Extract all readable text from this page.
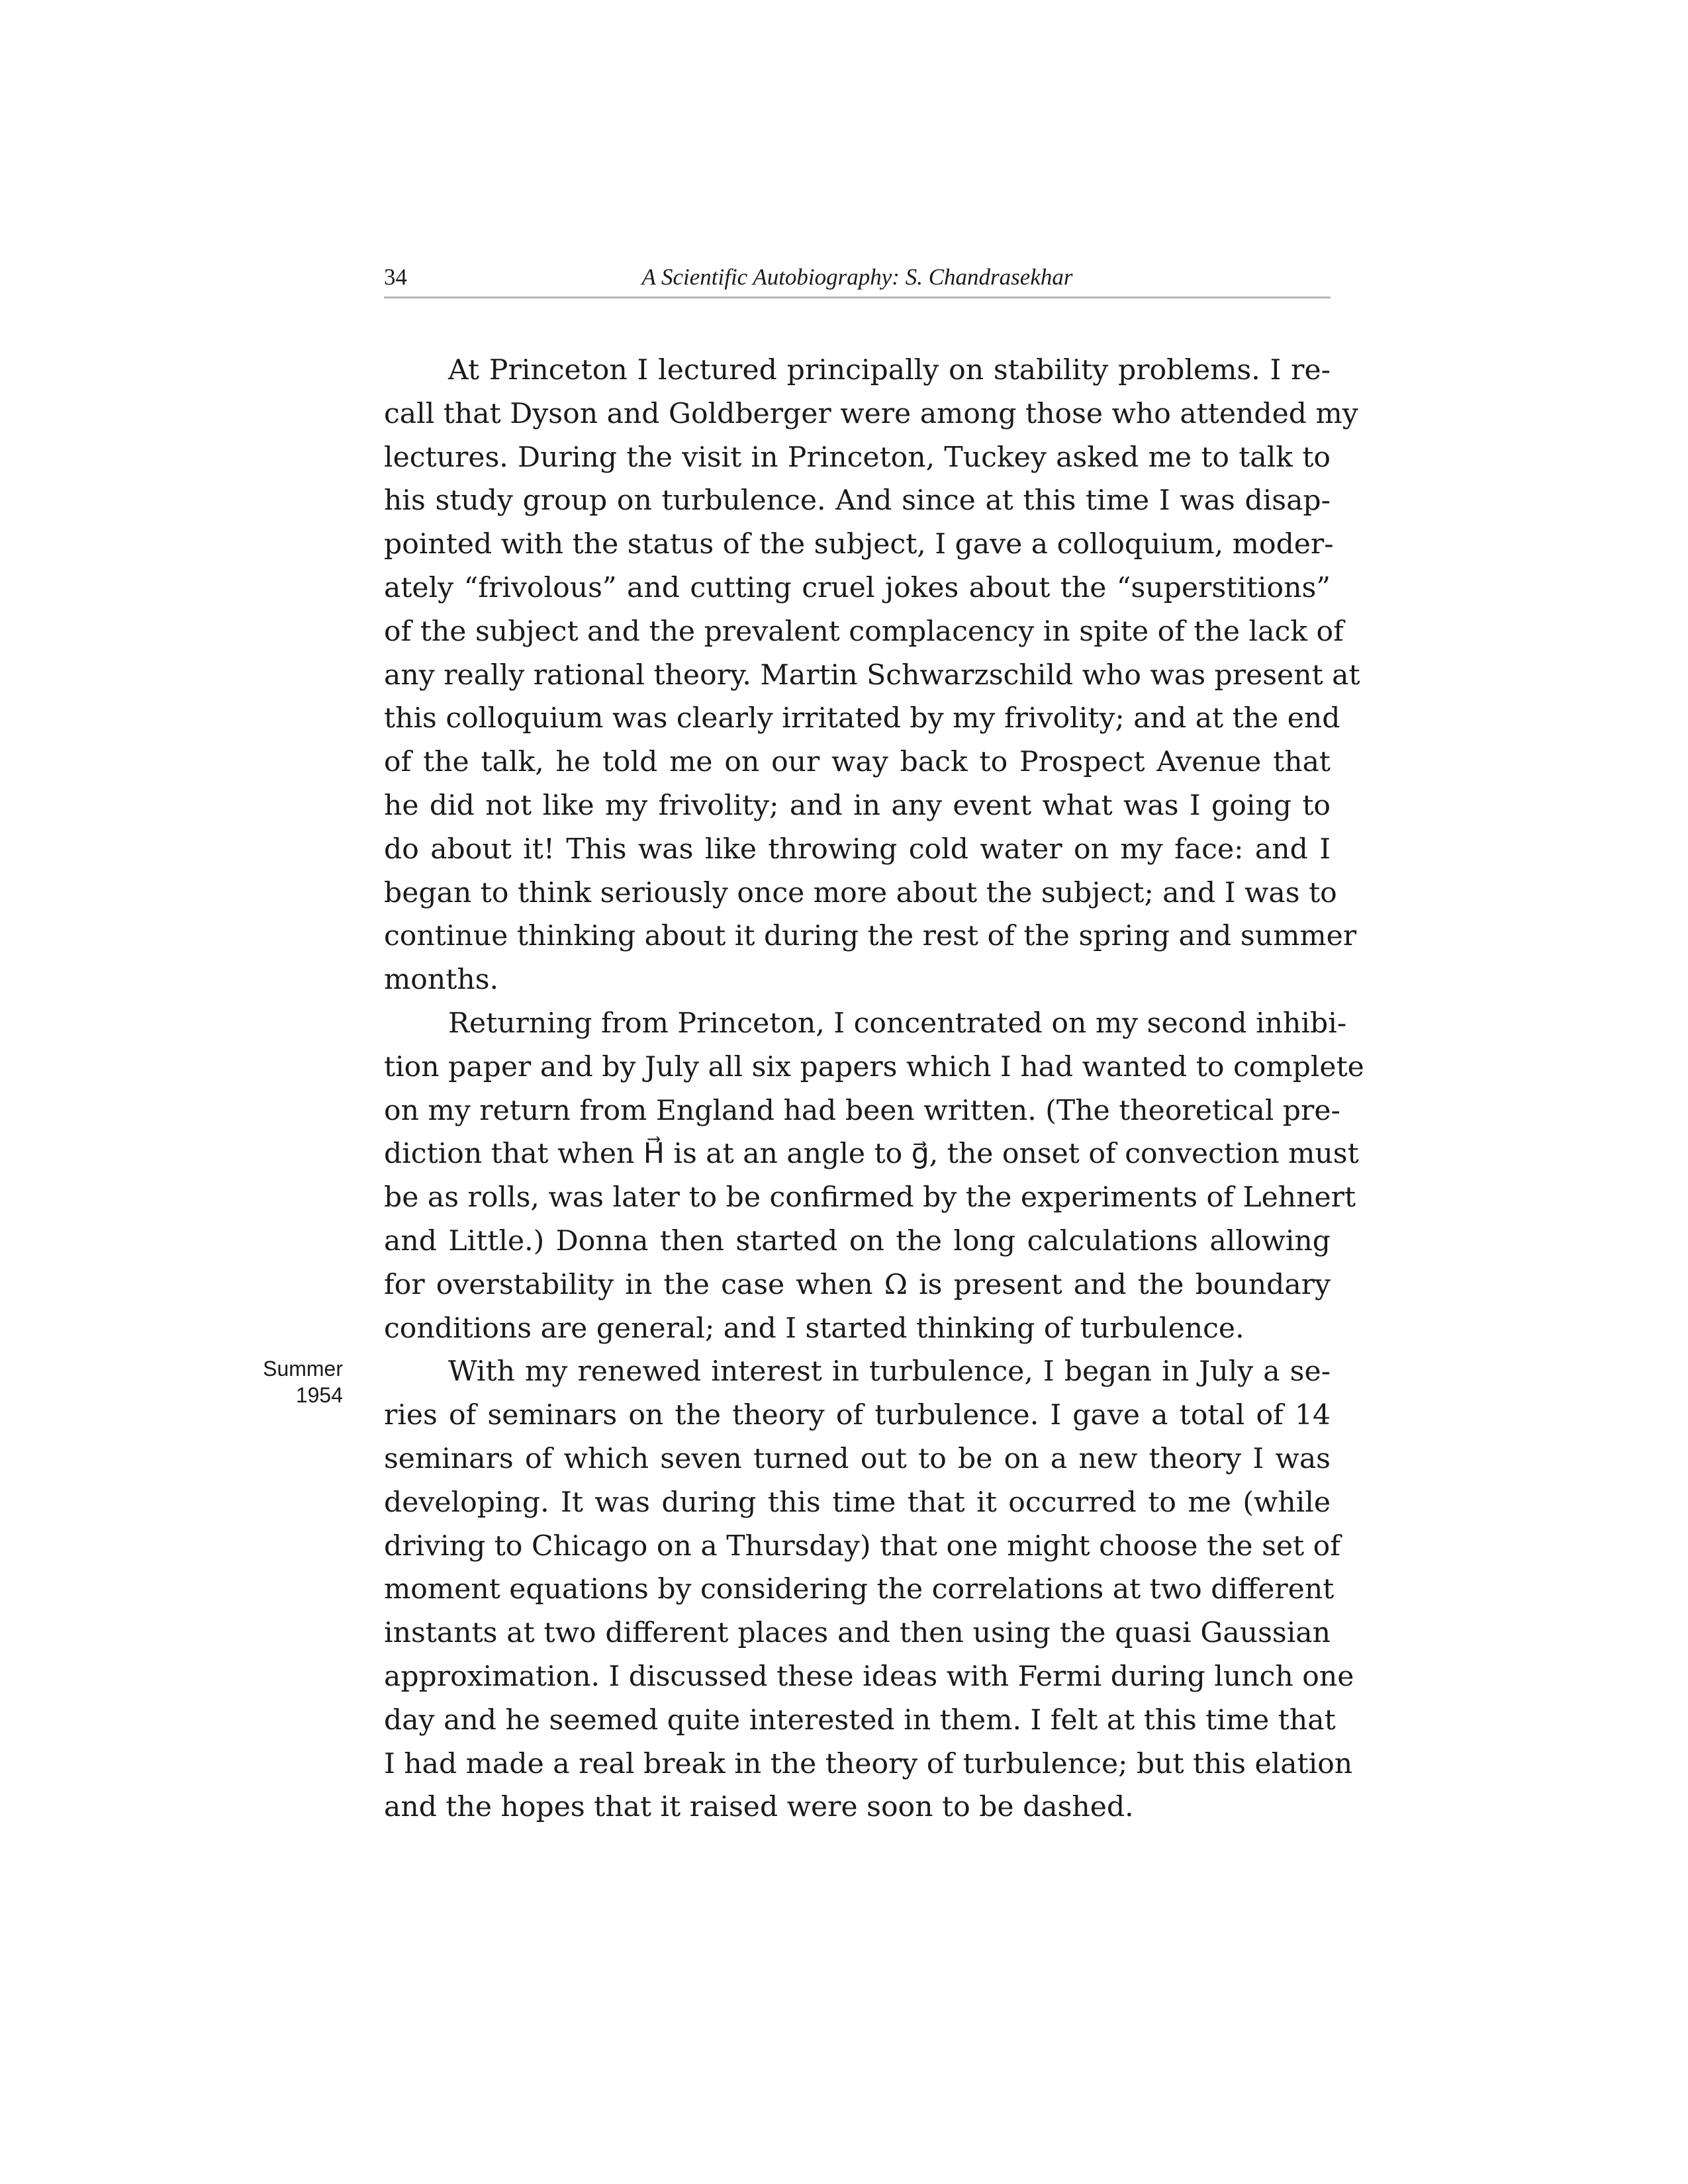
34	A Scientific Autobiography: S. Chandrasekhar
Summer
1954
At Princeton I lectured principally on stability problems. I re-
call that Dyson and Goldberger were among those who attended my
lectures. During the visit in Princeton, Tuckey asked me to talk to
his study group on turbulence. And since at this time I was disap-
pointed with the status of the subject, I gave a colloquium, moder-
ately “frivolous” and cutting cruel jokes about the “superstitions”
of the subject and the prevalent complacency in spite of the lack of
any really rational theory. Martin Schwarzschild who was present at
this colloquium was clearly irritated by my frivolity; and at the end
of the talk, he told me on our way back to Prospect Avenue that
he did not like my frivolity; and in any event what was I going to
do about it! This was like throwing cold water on my face: and I
began to think seriously once more about the subject; and I was to
continue thinking about it during the rest of the spring and summer
months.
Returning from Princeton, I concentrated on my second inhibi-
tion paper and by July all six papers which I had wanted to complete
on my return from England had been written. (The theoretical pre-
diction that when H⃗ is at an angle to g⃗, the onset of convection must
be as rolls, was later to be confirmed by the experiments of Lehnert
and Little.) Donna then started on the long calculations allowing
for overstability in the case when Ω is present and the boundary
conditions are general; and I started thinking of turbulence.
With my renewed interest in turbulence, I began in July a se-
ries of seminars on the theory of turbulence. I gave a total of 14
seminars of which seven turned out to be on a new theory I was
developing. It was during this time that it occurred to me (while
driving to Chicago on a Thursday) that one might choose the set of
moment equations by considering the correlations at two different
instants at two different places and then using the quasi Gaussian
approximation. I discussed these ideas with Fermi during lunch one
day and he seemed quite interested in them. I felt at this time that
I had made a real break in the theory of turbulence; but this elation
and the hopes that it raised were soon to be dashed.
